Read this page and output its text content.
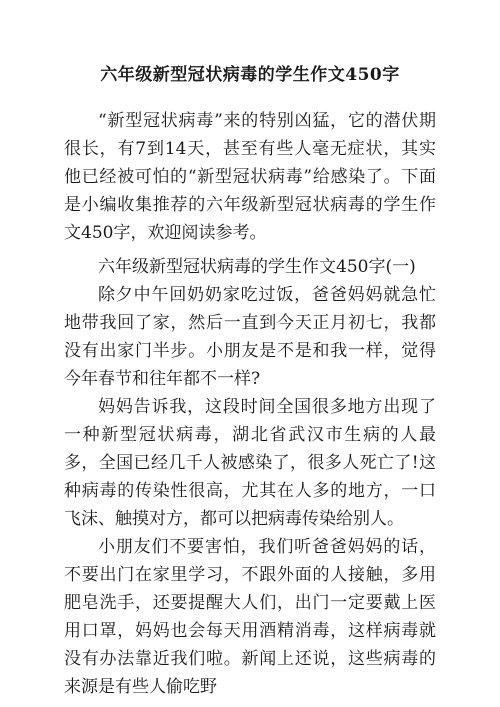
六年级新型冠状病毒的学生作文450字

“新型冠状病毒”来的特别凶猛，它的潜伏期很长，有7到14天，甚至有些人毫无症状，其实他已经被可怕的“新型冠状病毒”给感染了。下面是小编收集推荐的六年级新型冠状病毒的学生作文450字，欢迎阅读参考。

六年级新型冠状病毒的学生作文450字(一)

除夕中午回奶奶家吃过饭，爸爸妈妈就急忙地带我回了家，然后一直到今天正月初七，我都没有出家门半步。小朋友是不是和我一样，觉得今年春节和往年都不一样?

妈妈告诉我，这段时间全国很多地方出现了一种新型冠状病毒，湖北省武汉市生病的人最多，全国已经几千人被感染了，很多人死亡了!这种病毒的传染性很高，尤其在人多的地方，一口飞沫、触摸对方，都可以把病毒传染给别人。

小朋友们不要害怕，我们听爸爸妈妈的话，不要出门在家里学习，不跟外面的人接触，多用肥皂洗手，还要提醒大人们，出门一定要戴上医用口罩，妈妈也会每天用酒精消毒，这样病毒就没有办法靠近我们啦。新闻上还说，这些病毒的来源是有些人偷吃野
